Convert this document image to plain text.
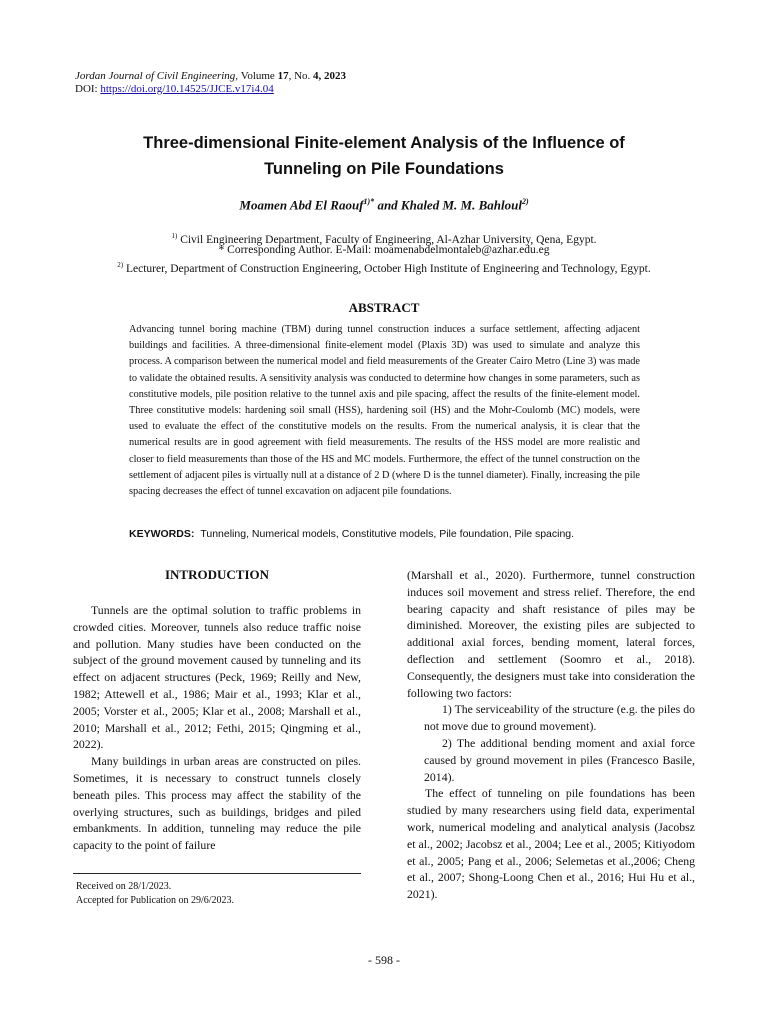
Jordan Journal of Civil Engineering, Volume 17, No. 4, 2023
DOI: https://doi.org/10.14525/JJCE.v17i4.04
Three-dimensional Finite-element Analysis of the Influence of
Tunneling on Pile Foundations
Moamen Abd El Raouf$^{1)*}$ and Khaled M. M. Bahloul$^{2)}$
$^{1)}$ Civil Engineering Department, Faculty of Engineering, Al-Azhar University, Qena, Egypt.
* Corresponding Author. E-Mail: moamenabdelmontaleb@azhar.edu.eg
$^{2)}$ Lecturer, Department of Construction Engineering, October High Institute of Engineering and Technology, Egypt.
ABSTRACT
Advancing tunnel boring machine (TBM) during tunnel construction induces a surface settlement, affecting adjacent buildings and facilities. A three-dimensional finite-element model (Plaxis 3D) was used to simulate and analyze this process. A comparison between the numerical model and field measurements of the Greater Cairo Metro (Line 3) was made to validate the obtained results. A sensitivity analysis was conducted to determine how changes in some parameters, such as constitutive models, pile position relative to the tunnel axis and pile spacing, affect the results of the finite-element model. Three constitutive models: hardening soil small (HSS), hardening soil (HS) and the Mohr-Coulomb (MC) models, were used to evaluate the effect of the constitutive models on the results. From the numerical analysis, it is clear that the numerical results are in good agreement with field measurements. The results of the HSS model are more realistic and closer to field measurements than those of the HS and MC models. Furthermore, the effect of the tunnel construction on the settlement of adjacent piles is virtually null at a distance of 2 D (where D is the tunnel diameter). Finally, increasing the pile spacing decreases the effect of tunnel excavation on adjacent pile foundations.
KEYWORDS: Tunneling, Numerical models, Constitutive models, Pile foundation, Pile spacing.
INTRODUCTION

Tunnels are the optimal solution to traffic problems in crowded cities. Moreover, tunnels also reduce traffic noise and pollution. Many studies have been conducted on the subject of the ground movement caused by tunneling and its effect on adjacent structures (Peck, 1969; Reilly and New, 1982; Attewell et al., 1986; Mair et al., 1993; Klar et al., 2005; Vorster et al., 2005; Klar et al., 2008; Marshall et al., 2010; Marshall et al., 2012; Fethi, 2015; Qingming et al., 2022).

Many buildings in urban areas are constructed on piles. Sometimes, it is necessary to construct tunnels closely beneath piles. This process may affect the stability of the overlying structures, such as buildings, bridges and piled embankments. In addition, tunneling may reduce the pile capacity to the point of failure

(Marshall et al., 2020). Furthermore, tunnel construction induces soil movement and stress relief. Therefore, the end bearing capacity and shaft resistance of piles may be diminished. Moreover, the existing piles are subjected to additional axial forces, bending moment, lateral forces, deflection and settlement (Soomro et al., 2018). Consequently, the designers must take into consideration the following two factors:

1) The serviceability of the structure (e.g. the piles do not move due to ground movement).

2) The additional bending moment and axial force caused by ground movement in piles (Francesco Basile, 2014).

The effect of tunneling on pile foundations has been studied by many researchers using field data, experimental work, numerical modeling and analytical analysis (Jacobsz et al., 2002; Jacobsz et al., 2004; Lee et al., 2005; Kitiyodom et al., 2005; Pang et al., 2006; Selemetas et al.,2006; Cheng et al., 2007; Shong-Loong Chen et al., 2016; Hui Hu et al., 2021).

Received on 28/1/2023.
Accepted for Publication on 29/6/2023.
- 598 -
